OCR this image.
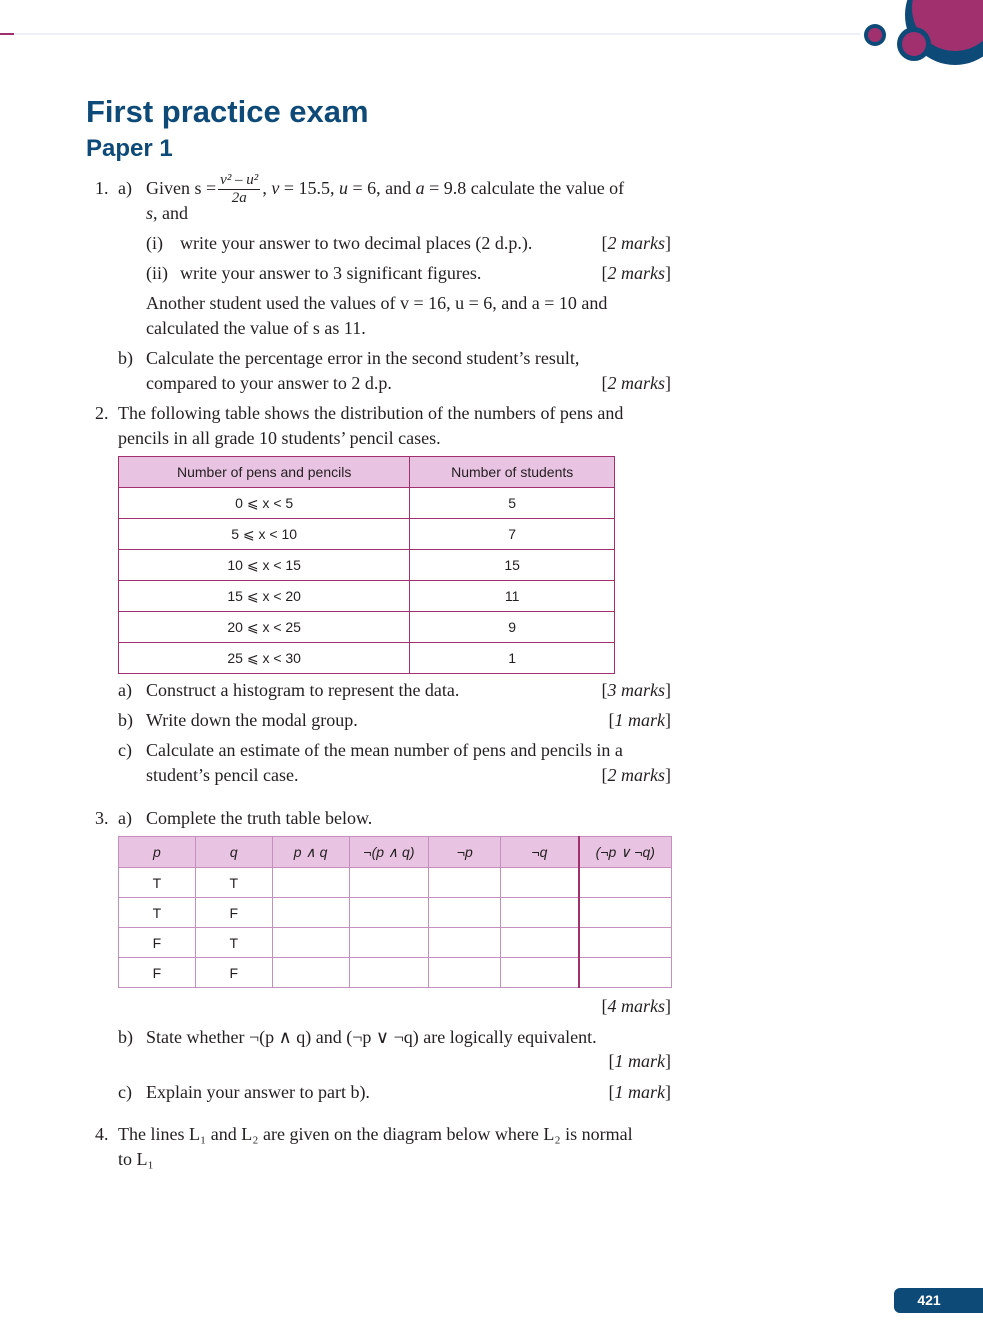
First practice exam
Paper 1
1. a) Given $s = \frac{\text{v² – u²}}{2a}$ , v = 15.5, u = 6, and a = 9.8 calculate the value of
s, and
(i) write your answer to two decimal places (2 d.p.).	[2 marks]
(ii) write your answer to 3 significant figures.	[2 marks]
Another student used the values of v = 16, u = 6, and a = 10 and
calculated the value of s as 11.
b) Calculate the percentage error in the second student’s result,
compared to your answer to 2 d.p.	[2 marks]
2. The following table shows the distribution of the numbers of pens and
pencils in all grade 10 students’ pencil cases.
Number of pens and pencils	Number of students
0 ⩽ x < 5	5
5 ⩽ x < 10	7
10 ⩽ x < 15	15
15 ⩽ x < 20	11
20 ⩽ x < 25	9
25 ⩽ x < 30	1
a) Construct a histogram to represent the data.	[3 marks]
b) Write down the modal group.	[1 mark]
c) Calculate an estimate of the mean number of pens and pencils in a
student’s pencil case.	[2 marks]
3. a) Complete the truth table below.
p	q	p ∧ q	¬(p ∧ q)	¬p	¬q	(¬p ∨ ¬q)
T	T					
T	F					
F	T					
F	F					
[4 marks]
b) State whether ¬(p ∧ q) and (¬p ∨ ¬q) are logically equivalent.
[1 mark]
c) Explain your answer to part b).	[1 mark]
4. The lines L₁ and L₂ are given on the diagram below where L₂ is normal
to L₁
421
